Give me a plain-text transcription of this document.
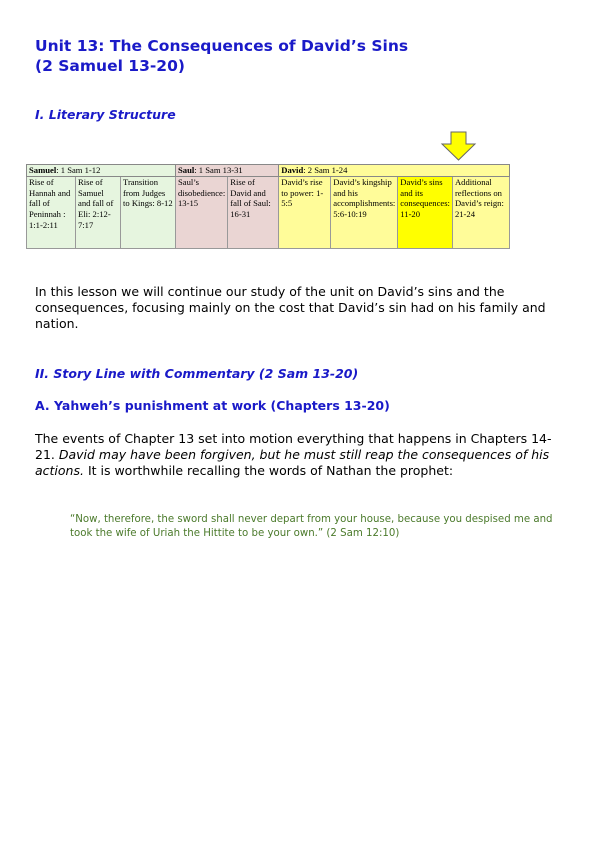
Unit 13: The Consequences of David’s Sins
(2 Samuel 13-20)
I. Literary Structure
Samuel: 1 Sam 1-12			Saul: 1 Sam 13-31		David: 2 Sam 1-24			
Rise of Hannah and fall of Peninnah : 1:1-2:11	Rise of Samuel and fall of Eli: 2:12-7:17	Transition from Judges to Kings: 8-12	Saul’s disobedience: 13-15	Rise of David and fall of Saul: 16-31	David’s rise to power: 1-5:5	David’s kingship and his accomplishments: 5:6-10:19	David’s sins and its consequences: 11-20	Additional reflections on David’s reign: 21-24

In this lesson we will continue our study of the unit on David’s sins and the consequences, focusing mainly on the cost that David’s sin had on his family and nation.

II. Story Line with Commentary (2 Sam 13-20)
A. Yahweh’s punishment at work (Chapters 13-20)

The events of Chapter 13 set into motion everything that happens in Chapters 14-21. David may have been forgiven, but he must still reap the consequences of his actions. It is worthwhile recalling the words of Nathan the prophet:

“Now, therefore, the sword shall never depart from your house, because you despised me and took the wife of Uriah the Hittite to be your own.” (2 Sam 12:10)
